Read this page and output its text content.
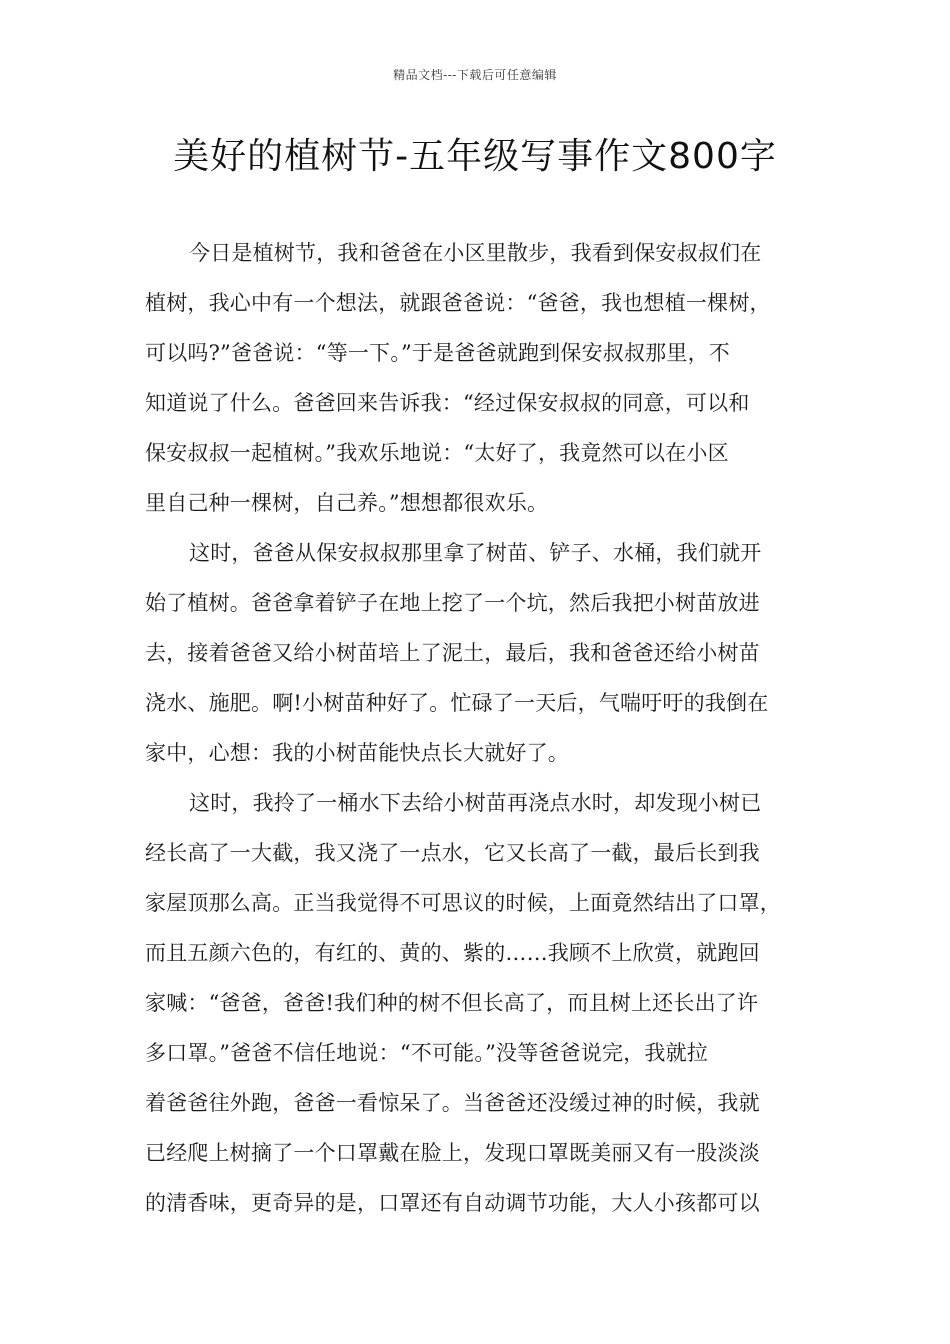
精品文档---下载后可任意编辑
美好的植树节-五年级写事作文800字
今日是植树节，我和爸爸在小区里散步，我看到保安叔叔们在
植树，我心中有一个想法，就跟爸爸说：“爸爸，我也想植一棵树，
可以吗?”爸爸说：“等一下。”于是爸爸就跑到保安叔叔那里，不
知道说了什么。爸爸回来告诉我：“经过保安叔叔的同意，可以和
保安叔叔一起植树。”我欢乐地说：“太好了，我竟然可以在小区
里自己种一棵树，自己养。”想想都很欢乐。
这时，爸爸从保安叔叔那里拿了树苗、铲子、水桶，我们就开
始了植树。爸爸拿着铲子在地上挖了一个坑，然后我把小树苗放进
去，接着爸爸又给小树苗培上了泥土，最后，我和爸爸还给小树苗
浇水、施肥。啊!小树苗种好了。忙碌了一天后，气喘吁吁的我倒在
家中，心想：我的小树苗能快点长大就好了。
这时，我拎了一桶水下去给小树苗再浇点水时，却发现小树已
经长高了一大截，我又浇了一点水，它又长高了一截，最后长到我
家屋顶那么高。正当我觉得不可思议的时候，上面竟然结出了口罩，
而且五颜六色的，有红的、黄的、紫的……我顾不上欣赏，就跑回
家喊：“爸爸，爸爸!我们种的树不但长高了，而且树上还长出了许
多口罩。”爸爸不信任地说：“不可能。”没等爸爸说完，我就拉
着爸爸往外跑，爸爸一看惊呆了。当爸爸还没缓过神的时候，我就
已经爬上树摘了一个口罩戴在脸上，发现口罩既美丽又有一股淡淡
的清香味，更奇异的是，口罩还有自动调节功能，大人小孩都可以
